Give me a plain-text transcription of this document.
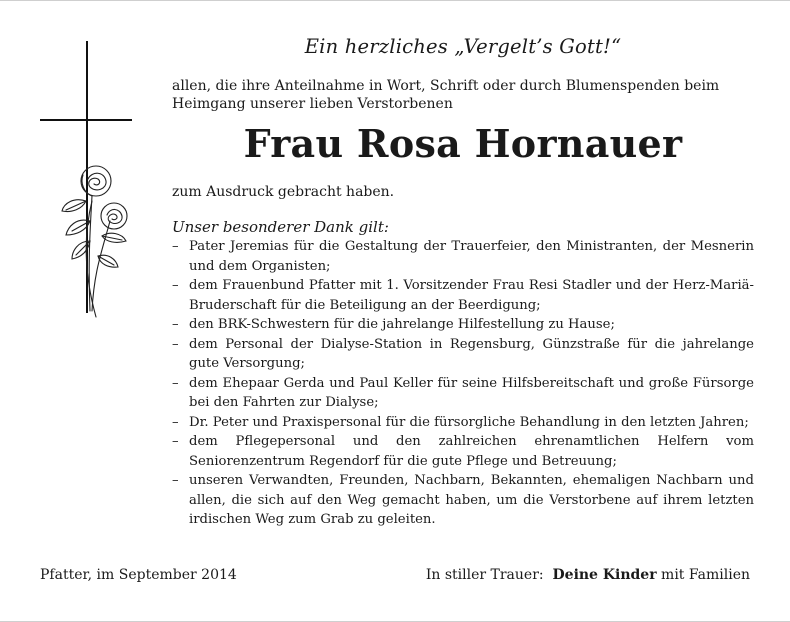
Ein herzliches „Vergelt’s Gott!“
allen, die ihre Anteilnahme in Wort, Schrift oder durch Blumenspenden beim Heimgang unserer lieben Verstorbenen
Frau Rosa Hornauer
zum Ausdruck gebracht haben.
Unser besonderer Dank gilt:
– Pater Jeremias für die Gestaltung der Trauerfeier, den Ministranten, der Mesnerin und dem Organisten;
– dem Frauenbund Pfatter mit 1. Vorsitzender Frau Resi Stadler und der Herz-Mariä-Bruderschaft für die Beteiligung an der Beerdigung;
– den BRK-Schwestern für die jahrelange Hilfestellung zu Hause;
– dem Personal der Dialyse-Station in Regensburg, Günzstraße für die jahrelange gute Versorgung;
– dem Ehepaar Gerda und Paul Keller für seine Hilfsbereitschaft und große Fürsorge bei den Fahrten zur Dialyse;
– Dr. Peter und Praxispersonal für die fürsorgliche Behandlung in den letzten Jahren;
– dem Pflegepersonal und den zahlreichen ehrenamtlichen Helfern vom Seniorenzentrum Regendorf für die gute Pflege und Betreuung;
– unseren Verwandten, Freunden, Nachbarn, Bekannten, ehemaligen Nachbarn und allen, die sich auf den Weg gemacht haben, um die Verstorbene auf ihrem letzten irdischen Weg zum Grab zu geleiten.
Pfatter, im September 2014	In stiller Trauer: Deine Kinder mit Familien
